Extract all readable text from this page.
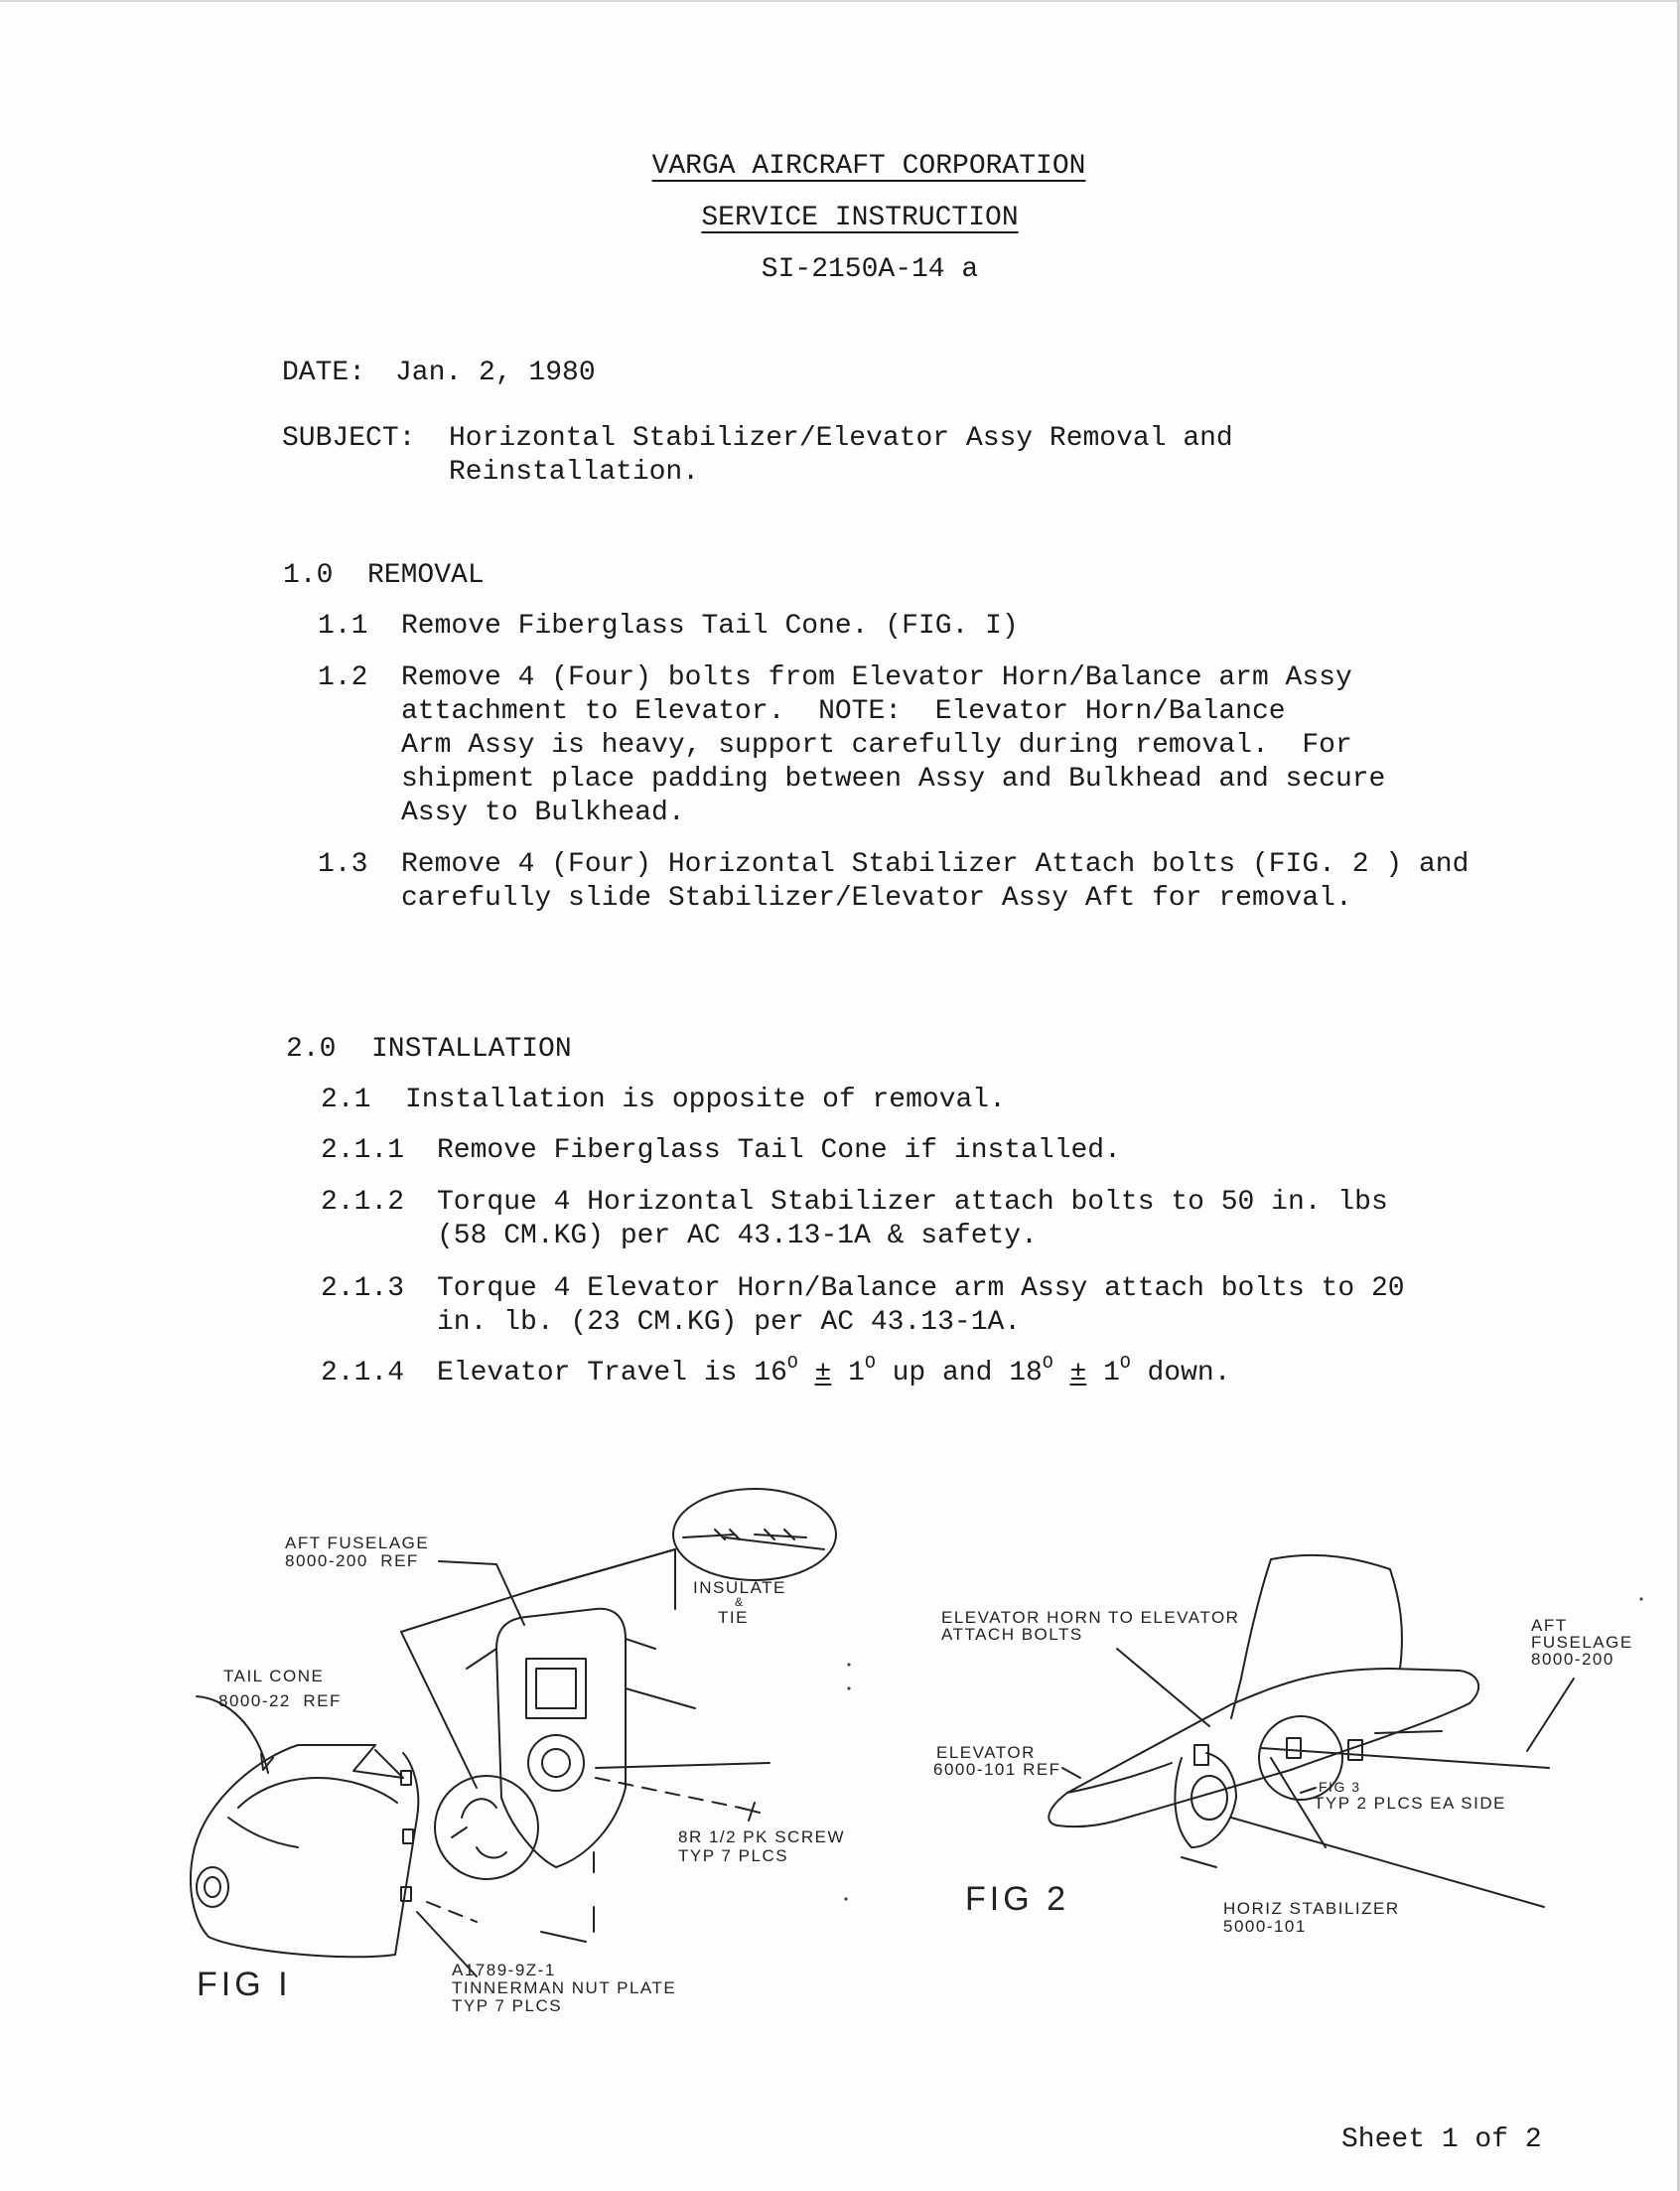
VARGA AIRCRAFT CORPORATION
SERVICE INSTRUCTION
SI-2150A-14 a
DATE: Jan. 2, 1980
SUBJECT: Horizontal Stabilizer/Elevator Assy Removal and
Reinstallation.
1.0 REMOVAL
1.1 Remove Fiberglass Tail Cone. (FIG. I)
1.2 Remove 4 (Four) bolts from Elevator Horn/Balance arm Assy
attachment to Elevator.  NOTE:  Elevator Horn/Balance
Arm Assy is heavy, support carefully during removal.  For
shipment place padding between Assy and Bulkhead and secure
Assy to Bulkhead.
1.3 Remove 4 (Four) Horizontal Stabilizer Attach bolts (FIG. 2 ) and
carefully slide Stabilizer/Elevator Assy Aft for removal.
2.0 INSTALLATION
2.1 Installation is opposite of removal.
2.1.1 Remove Fiberglass Tail Cone if installed.
2.1.2 Torque 4 Horizontal Stabilizer attach bolts to 50 in. lbs
(58 CM.KG) per AC 43.13-1A & safety.
2.1.3 Torque 4 Elevator Horn/Balance arm Assy attach bolts to 20
in. lb. (23 CM.KG) per AC 43.13-1A.
2.1.4 Elevator Travel is $16^O \pm 1^O$ up and $18^O \pm 1^O$ down.
AFT FUSELAGE
8000-200  REF
INSULATE
&
TIE
TAIL CONE
8000-22  REF
8R 1/2 PK SCREW
TYP 7 PLCS
A1789-9Z-1
TINNERMAN NUT PLATE
TYP 7 PLCS
FIG I
ELEVATOR HORN TO ELEVATOR
ATTACH BOLTS	AFT
FUSELAGE
8000-200
ELEVATOR
6000-101 REF
FIG 3
TYP 2 PLCS EA SIDE
HORIZ STABILIZER
5000-101
FIG 2
Sheet 1 of 2
